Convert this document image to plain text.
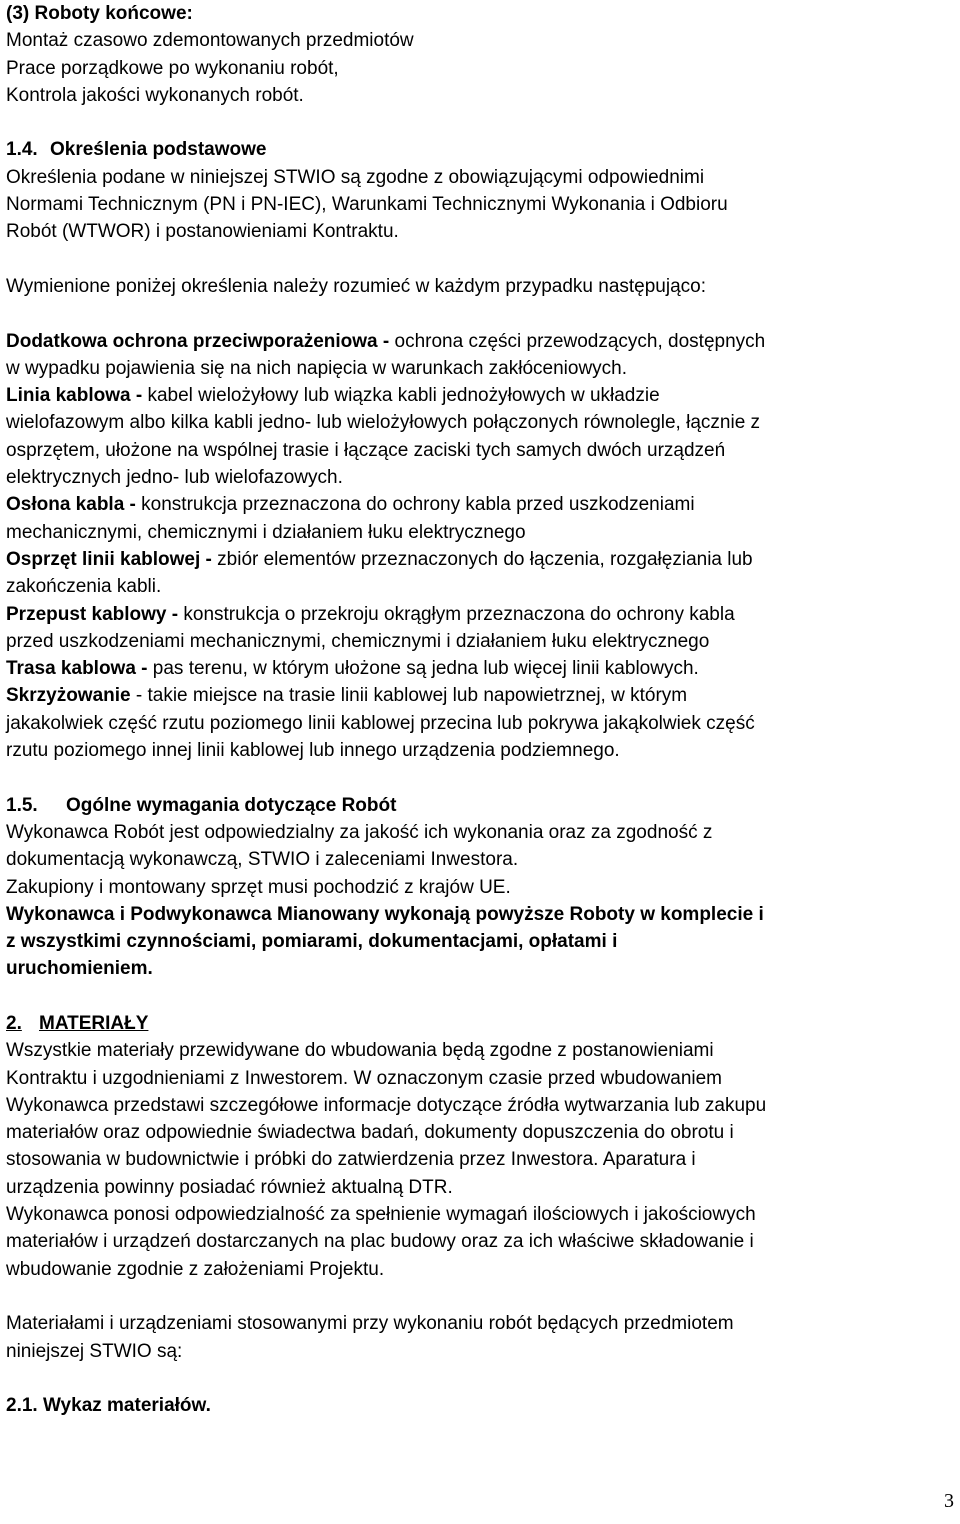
(3) Roboty końcowe:
Montaż czasowo zdemontowanych przedmiotów
Prace porządkowe po wykonaniu robót,
Kontrola jakości wykonanych robót.
1.4. Określenia podstawowe
Określenia podane w niniejszej STWIO są zgodne z obowiązującymi odpowiednimi
Normami Technicznym (PN i PN-IEC), Warunkami Technicznymi Wykonania i Odbioru
Robót (WTWOR) i postanowieniami Kontraktu.
Wymienione poniżej określenia należy rozumieć w każdym przypadku następująco:
Dodatkowa ochrona przeciwporażeniowa - ochrona części przewodzących, dostępnych
w wypadku pojawienia się na nich napięcia w warunkach zakłóceniowych.
Linia kablowa - kabel wielożyłowy lub wiązka kabli jednożyłowych w układzie
wielofazowym albo kilka kabli jedno- lub wielożyłowych połączonych równolegle, łącznie z
osprzętem, ułożone na wspólnej trasie i łączące zaciski tych samych dwóch urządzeń
elektrycznych jedno- lub wielofazowych.
Osłona kabla - konstrukcja przeznaczona do ochrony kabla przed uszkodzeniami
mechanicznymi, chemicznymi i działaniem łuku elektrycznego
Osprzęt linii kablowej - zbiór elementów przeznaczonych do łączenia, rozgałęziania lub
zakończenia kabli.
Przepust kablowy - konstrukcja o przekroju okrągłym przeznaczona do ochrony kabla
przed uszkodzeniami mechanicznymi, chemicznymi i działaniem łuku elektrycznego
Trasa kablowa - pas terenu, w którym ułożone są jedna lub więcej linii kablowych.
Skrzyżowanie - takie miejsce na trasie linii kablowej lub napowietrznej, w którym
jakakolwiek część rzutu poziomego linii kablowej przecina lub pokrywa jakąkolwiek część
rzutu poziomego innej linii kablowej lub innego urządzenia podziemnego.
1.5. Ogólne wymagania dotyczące Robót
Wykonawca Robót jest odpowiedzialny za jakość ich wykonania oraz za zgodność z
dokumentacją wykonawczą, STWIO i zaleceniami Inwestora.
Zakupiony i montowany sprzęt musi pochodzić z krajów UE.
Wykonawca i Podwykonawca Mianowany wykonają powyższe Roboty w komplecie i
z wszystkimi czynnościami, pomiarami, dokumentacjami, opłatami i
uruchomieniem.
2. MATERIAŁY
Wszystkie materiały przewidywane do wbudowania będą zgodne z postanowieniami
Kontraktu i uzgodnieniami z Inwestorem. W oznaczonym czasie przed wbudowaniem
Wykonawca przedstawi szczegółowe informacje dotyczące źródła wytwarzania lub zakupu
materiałów oraz odpowiednie świadectwa badań, dokumenty dopuszczenia do obrotu i
stosowania w budownictwie i próbki do zatwierdzenia przez Inwestora. Aparatura i
urządzenia powinny posiadać również aktualną DTR.
Wykonawca ponosi odpowiedzialność za spełnienie wymagań ilościowych i jakościowych
materiałów i urządzeń dostarczanych na plac budowy oraz za ich właściwe składowanie i
wbudowanie zgodnie z założeniami Projektu.
Materiałami i urządzeniami stosowanymi przy wykonaniu robót będących przedmiotem
niniejszej STWIO są:
2.1. Wykaz materiałów.
3
